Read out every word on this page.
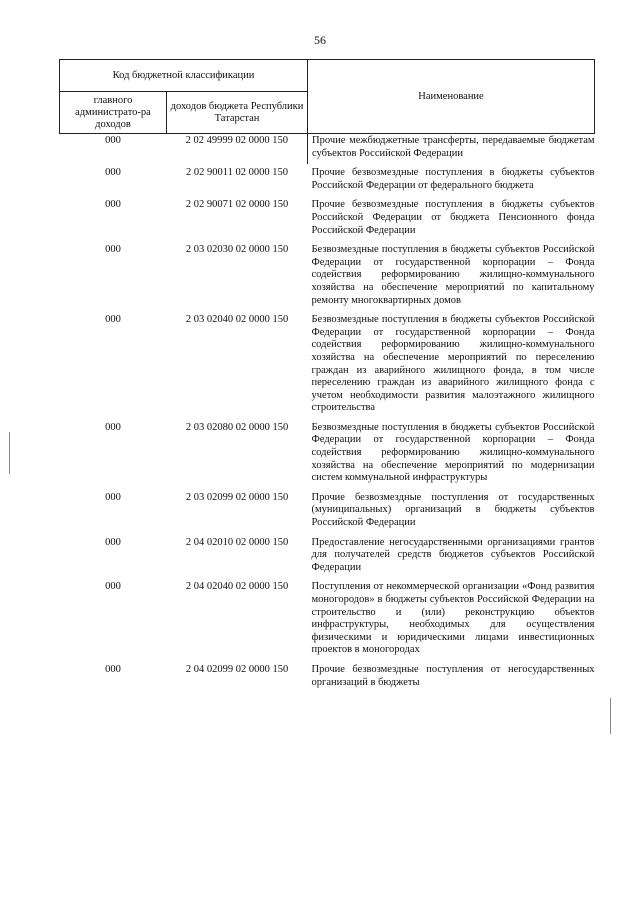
56
Код бюджетной классификации		Наименование
главного администрато-ра доходов	доходов бюджета Республики Татарстан	
000	2 02 49999 02 0000 150	Прочие межбюджетные трансферты, передаваемые бюджетам субъектов Российской Федерации
000	2 02 90011 02 0000 150	Прочие безвозмездные поступления в бюджеты субъектов Российской Федерации от федерального бюджета
000	2 02 90071 02 0000 150	Прочие безвозмездные поступления в бюджеты субъектов Российской Федерации от бюджета Пенсионного фонда Российской Федерации
000	2 03 02030 02 0000 150	Безвозмездные поступления в бюджеты субъектов Российской Федерации от государственной корпорации – Фонда содействия реформированию жилищно-коммунального хозяйства на обеспечение мероприятий по капитальному ремонту многоквартирных домов
000	2 03 02040 02 0000 150	Безвозмездные поступления в бюджеты субъектов Российской Федерации от государственной корпорации – Фонда содействия реформированию жилищно-коммунального хозяйства на обеспечение мероприятий по переселению граждан из аварийного жилищного фонда, в том числе переселению граждан из аварийного жилищного фонда с учетом необходимости развития малоэтажного жилищного строительства
000	2 03 02080 02 0000 150	Безвозмездные поступления в бюджеты субъектов Российской Федерации от государственной корпорации – Фонда содействия реформированию жилищно-коммунального хозяйства на обеспечение мероприятий по модернизации систем коммунальной инфраструктуры
000	2 03 02099 02 0000 150	Прочие безвозмездные поступления от государственных (муниципальных) организаций в бюджеты субъектов Российской Федерации
000	2 04 02010 02 0000 150	Предоставление негосударственными организациями грантов для получателей средств бюджетов субъектов Российской Федерации
000	2 04 02040 02 0000 150	Поступления от некоммерческой организации «Фонд развития моногородов» в бюджеты субъектов Российской Федерации на строительство и (или) реконструкцию объектов инфраструктуры, необходимых для осуществления физическими и юридическими лицами инвестиционных проектов в моногородах
000	2 04 02099 02 0000 150	Прочие безвозмездные поступления от негосударственных организаций в бюджеты
